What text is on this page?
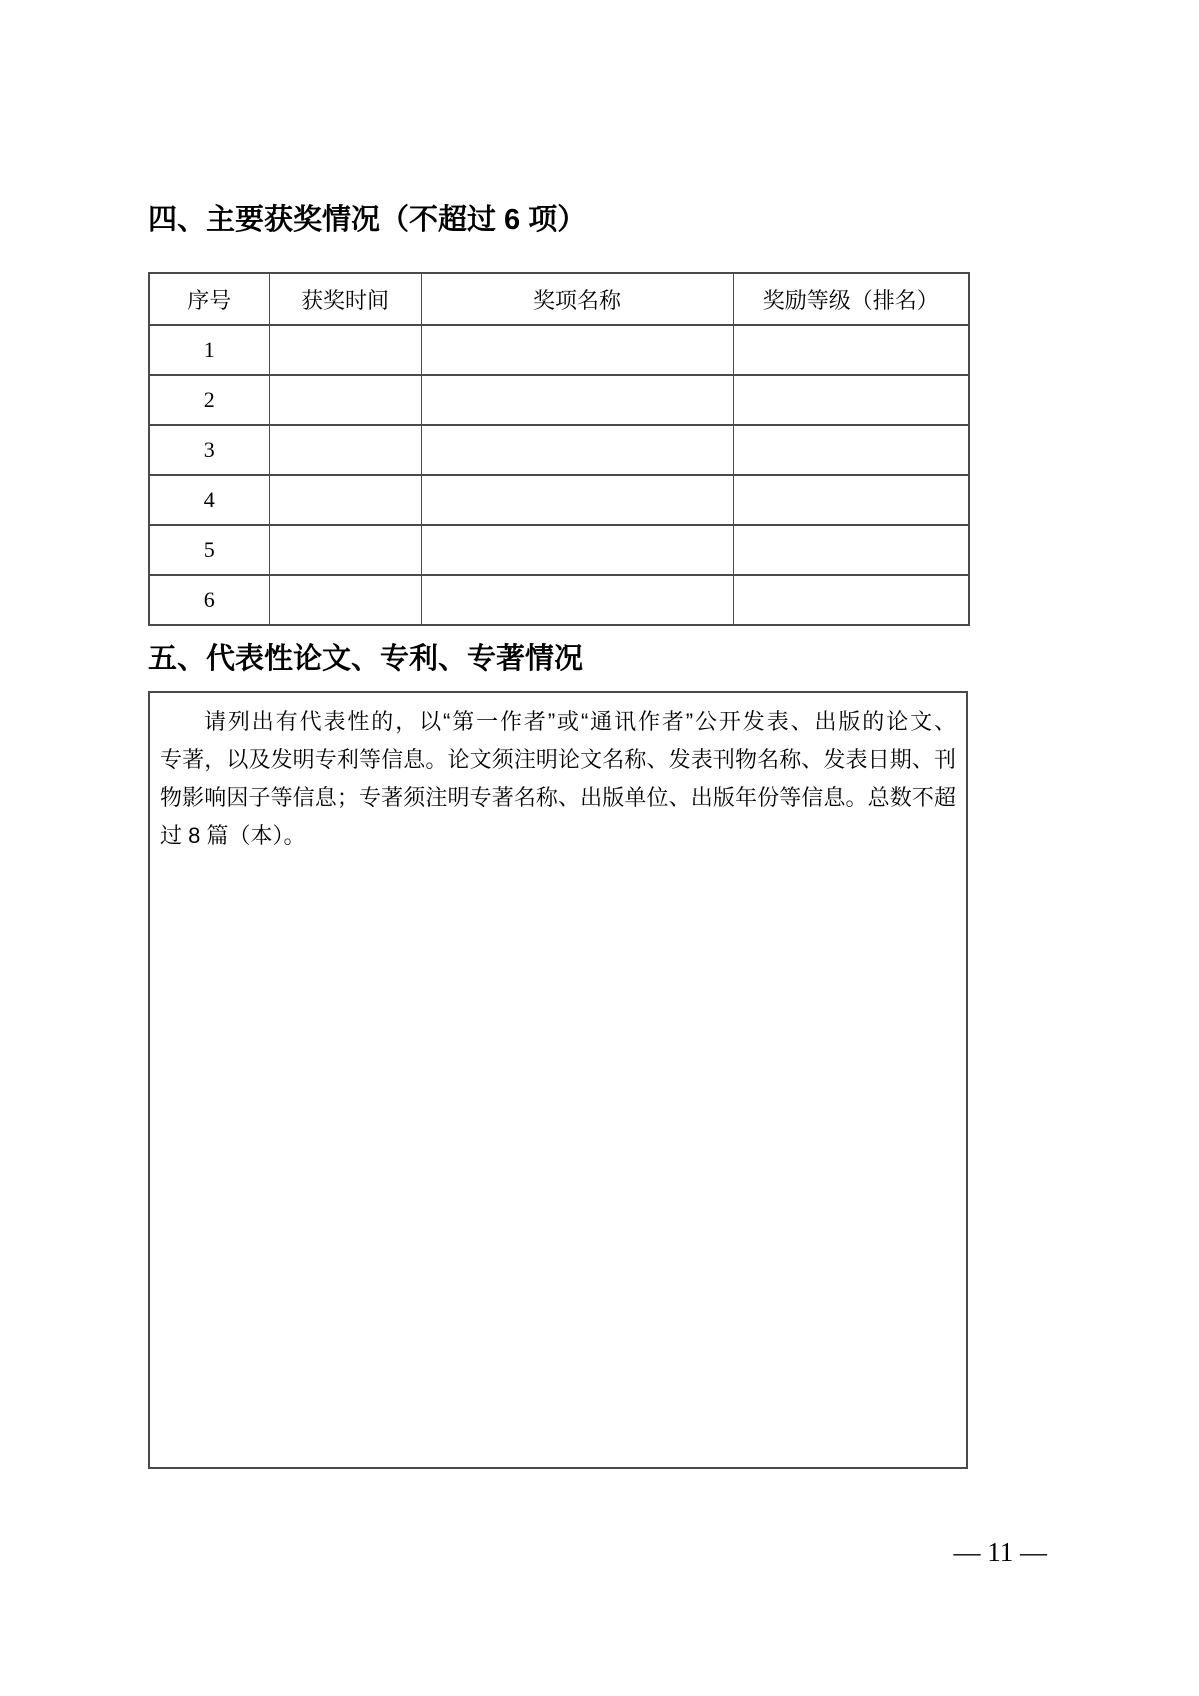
四、主要获奖情况（不超过 6 项）
序号	获奖时间	奖项名称	奖励等级（排名）
1			
2			
3			
4			
5			
6			
五、代表性论文、专利、专著情况
请列出有代表性的，以“第一作者”或“通讯作者”公开发表、出版的论文、
专著，以及发明专利等信息。论文须注明论文名称、发表刊物名称、发表日期、刊
物影响因子等信息；专著须注明专著名称、出版单位、出版年份等信息。总数不超
过 8 篇（本）。
— 11 —
